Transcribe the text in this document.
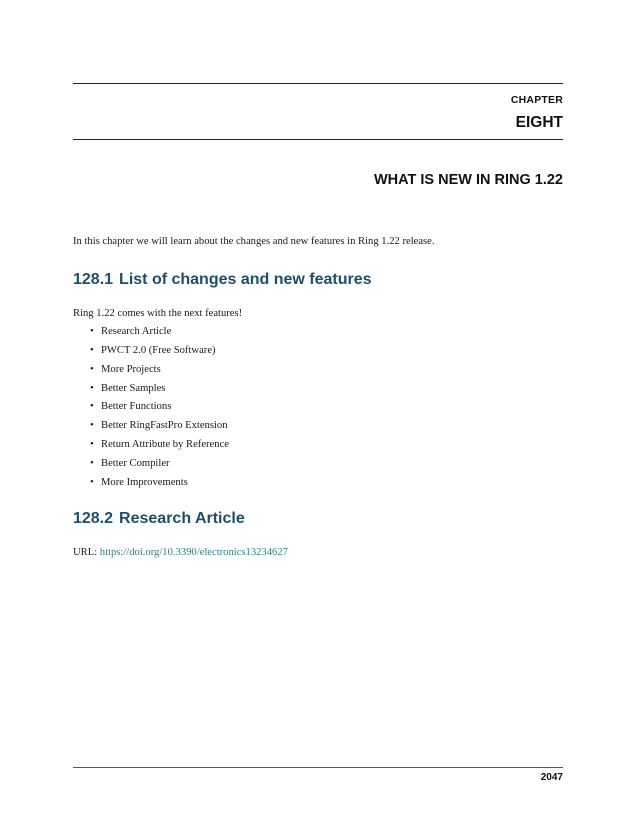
CHAPTER
EIGHT
WHAT IS NEW IN RING 1.22

In this chapter we will learn about the changes and new features in Ring 1.22 release.

128.1 List of changes and new features

Ring 1.22 comes with the next features!

• Research Article
• PWCT 2.0 (Free Software)
• More Projects
• Better Samples
• Better Functions
• Better RingFastPro Extension
• Return Attribute by Reference
• Better Compiler
• More Improvements
128.2 Research Article

URL: https://doi.org/10.3390/electronics13234627

2047
